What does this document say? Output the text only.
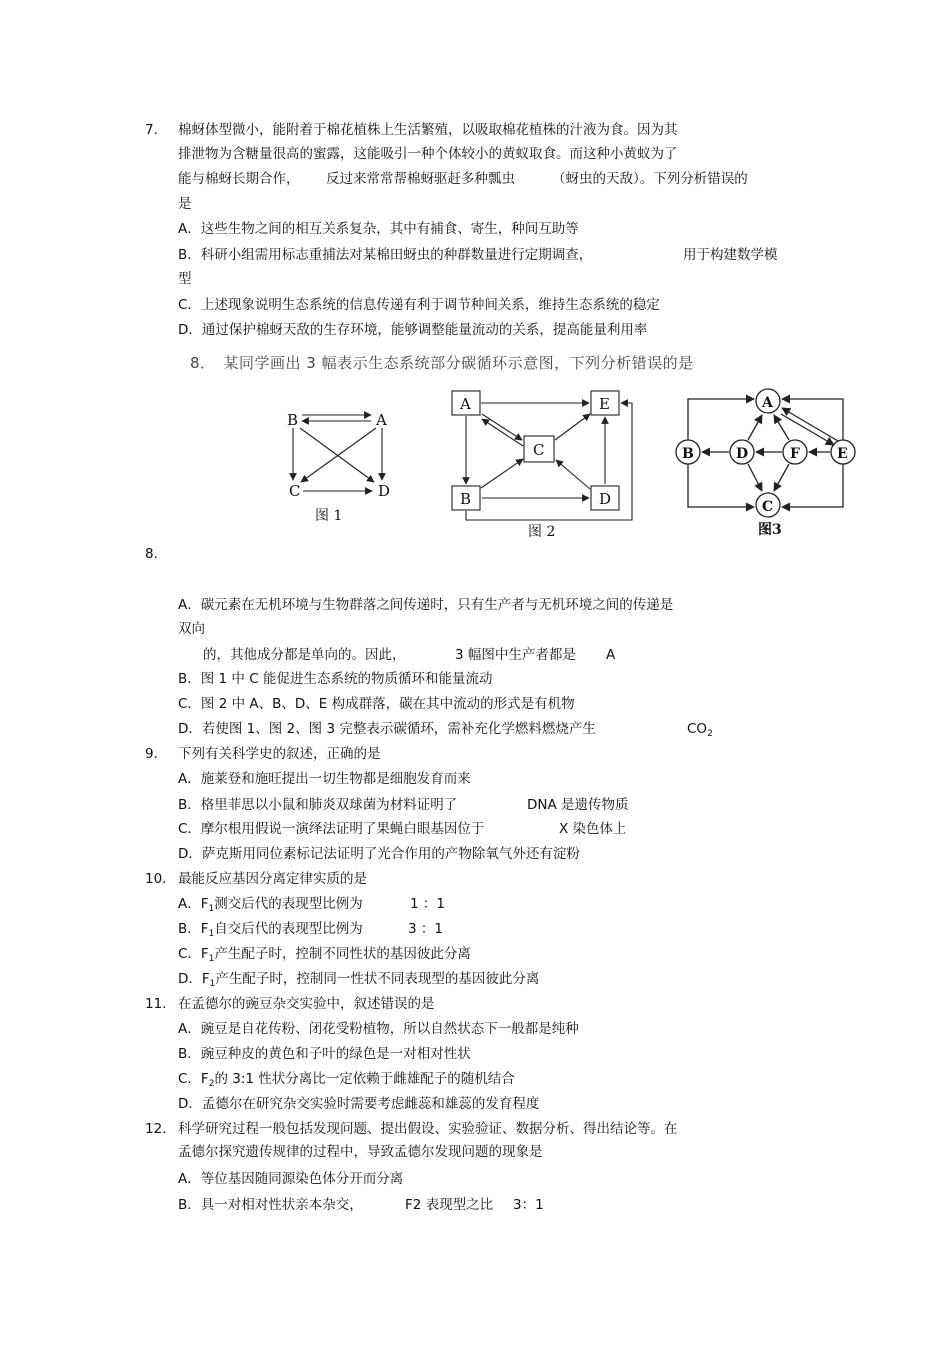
7. 棉蚜体型微小，能附着于棉花植株上生活繁殖，以吸取棉花植株的汁液为食。因为其
排泄物为含糖量很高的蜜露，这能吸引一种个体较小的黄蚁取食。而这种小黄蚁为了
能与棉蚜长期合作， 反过来常常帮棉蚜驱赶多种瓢虫	（蚜虫的天敌）。下列分析错误的
是
A．这些生物之间的相互关系复杂，其中有捕食、寄生，种间互助等
B．科研小组需用标志重捕法对某棉田蚜虫的种群数量进行定期调查，	用于构建数学模
型
C．上述现象说明生态系统的信息传递有利于调节种间关系，维持生态系统的稳定
D．通过保护棉蚜天敌的生存环境，能够调整能量流动的关系，提高能量利用率
8．　某同学画出 3 幅表示生态系统部分碳循环示意图，下列分析错误的是
B	A
C	D
图 1
A	E
C
B	D
图 2
A
B	D	F	E
C
图3
8.
A．碳元素在无机环境与生物群落之间传递时，只有生产者与无机环境之间的传递是
双向
的，其他成分都是单向的。因此，	3 幅图中生产者都是 A
B．图 1 中 C 能促进生态系统的物质循环和能量流动
C．图 2 中 A、B、D、E 构成群落，碳在其中流动的形式是有机物
D．若使图 1、图 2、图 3 完整表示碳循环，需补充化学燃料燃烧产生	$CO_2$
9. 下列有关科学史的叙述，正确的是
A．施莱登和施旺提出一切生物都是细胞发育而来
B．格里菲思以小鼠和肺炎双球菌为材料证明了	DNA 是遗传物质
C．摩尔根用假说一演绎法证明了果蝇白眼基因位于	X 染色体上
D．萨克斯用同位素标记法证明了光合作用的产物除氧气外还有淀粉
10. 最能反应基因分离定律实质的是
A．$F_1$测交后代的表现型比例为	1 ：1
B．$F_1$自交后代的表现型比例为	3 ：1
C．$F_1$产生配子时，控制不同性状的基因彼此分离
D．$F_1$产生配子时，控制同一性状不同表现型的基因彼此分离
11. 在孟德尔的豌豆杂交实验中，叙述错误的是
A．豌豆是自花传粉、闭花受粉植物，所以自然状态下一般都是纯种
B．豌豆种皮的黄色和子叶的绿色是一对相对性状
C．$F_2$的 3:1 性状分离比一定依赖于雌雄配子的随机结合
D．孟德尔在研究杂交实验时需要考虑雌蕊和雄蕊的发育程度
12. 科学研究过程一般包括发现问题、提出假设、实验验证、数据分析、得出结论等。在
孟德尔探究遗传规律的过程中，导致孟德尔发现问题的现象是
A．等位基因随同源染色体分开而分离
B．具一对相对性状亲本杂交，	F2 表现型之比 3：1
